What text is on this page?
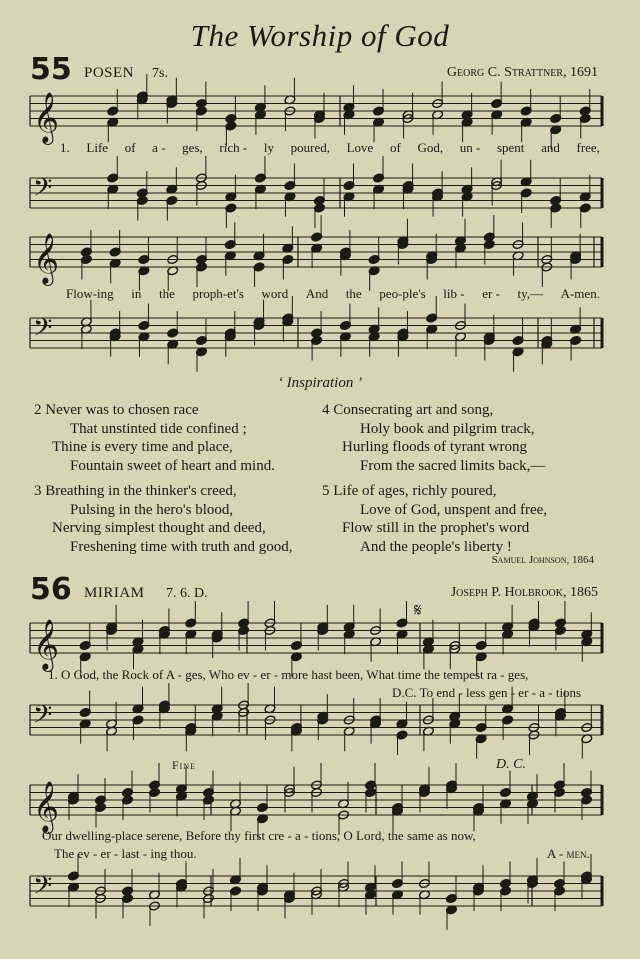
The Worship of God
55 POSEN 7s.	Georg C. Strattner, 1691
𝄞
𝄢
𝄞
𝄢
𝄞
𝄢
𝄞
𝄢
1. Life of a - ges, rich - ly poured, Love of God, un - spent and free,
Flow-ing in the proph-et's word And the peo-ple's lib - er - ty,— A-men.
‘ Inspiration ’
2 Never was to chosen race
That unstinted tide confined ;
Thine is every time and place,
Fountain sweet of heart and mind.
3 Breathing in the thinker's creed,
Pulsing in the hero's blood,
Nerving simplest thought and deed,
Freshening time with truth and good,
4 Consecrating art and song,
Holy book and pilgrim track,
Hurling floods of tyrant wrong
From the sacred limits back,—
5 Life of ages, richly poured,
Love of God, unspent and free,
Flow still in the prophet's word
And the people's liberty !
Samuel Johnson, 1864
56 MIRIAM 7. 6. D.	Joseph P. Holbrook, 1865
𝄋
1. O God, the Rock of A - ges, Who ev - er - more hast been, What time the tempest ra - ges,
D.C. To end - less gen - er - a - tions
Fine	D. C.
Our dwelling-place serene, Before thy first cre - a - tions, O Lord, the same as now,
The ev - er - last - ing thou.	A - men.
